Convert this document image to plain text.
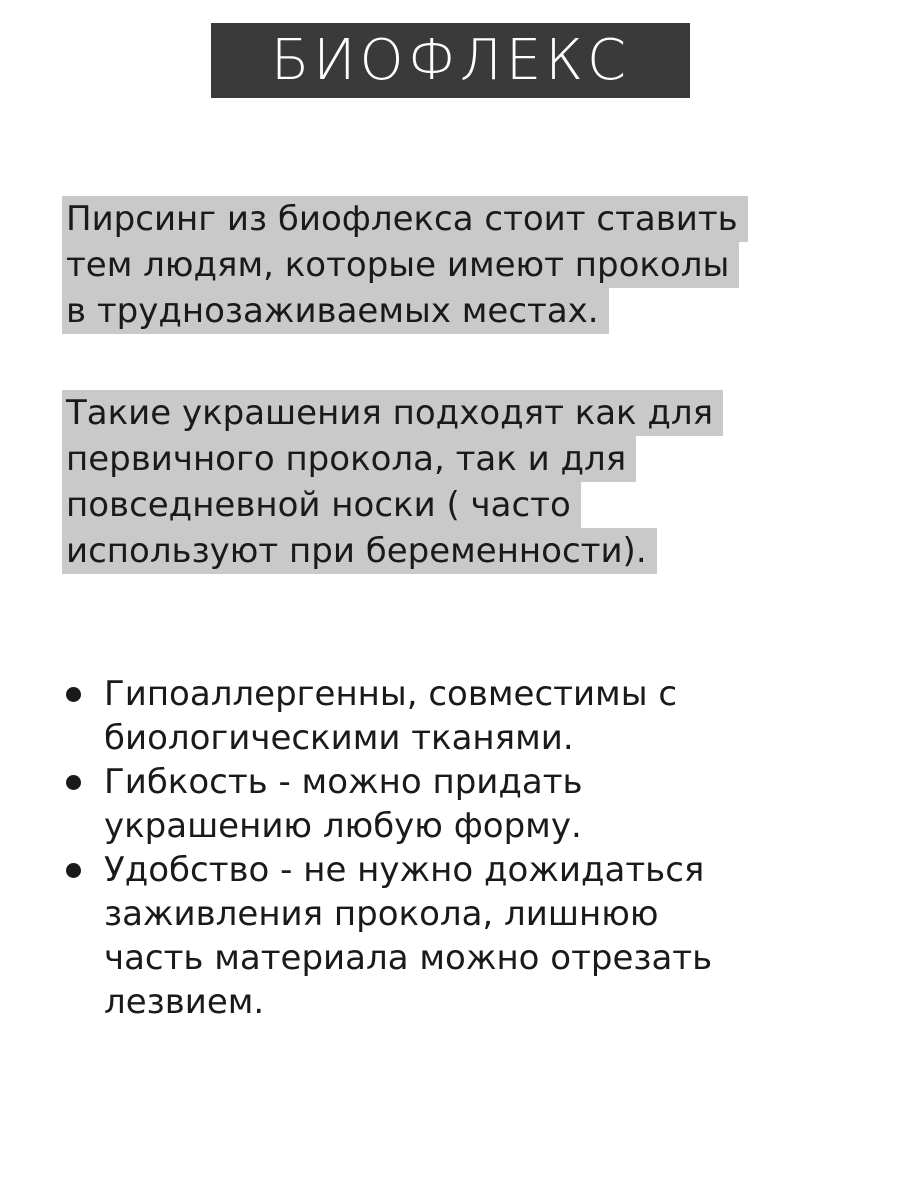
БИОФЛЕКС
Пирсинг из биофлекса стоит ставить
тем людям, которые имеют проколы
в труднозаживаемых местах.
Такие украшения подходят как для
первичного прокола, так и для
повседневной носки ( часто
используют при беременности).
Гипоаллергенны, совместимы с
биологическими тканями.
Гибкость - можно придать
украшению любую форму.
Удобство - не нужно дожидаться
заживления прокола, лишнюю
часть материала можно отрезать
лезвием.
